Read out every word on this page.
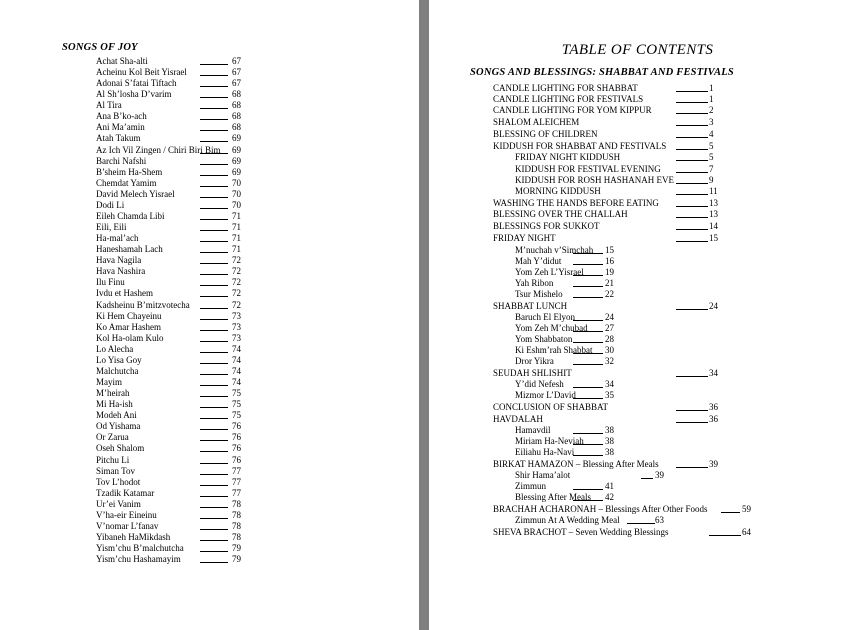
SONGS OF JOY
Achat Sha-alti	67
Acheinu Kol Beit Yisrael	67
Adonai S’fatai Tiftach	67
Al Sh’losha D’varim	68
Al Tira	68
Ana B’ko-ach	68
Ani Ma’amin	68
Atah Takum	69
Az Ich Vil Zingen / Chiri Biri Bim 69
Barchi Nafshi	69
B’sheim Ha-Shem	69
Chemdat Yamim	70
David Melech Yisrael	70
Dodi Li	70
Eileh Chamda Libi	71
Eili, Eili	71
Ha-mal’ach	71
Haneshamah Lach	71
Hava Nagila	72
Hava Nashira	72
Ilu Finu	72
Ivdu et Hashem	72
Kadsheinu B’mitzvotecha	72
Ki Hem Chayeinu	73
Ko Amar Hashem	73
Kol Ha-olam Kulo	73
Lo Alecha	74
Lo Yisa Goy	74
Malchutcha	74
Mayim	74
M’heirah	75
Mi Ha-ish	75
Modeh Ani	75
Od Yishama	76
Or Zarua	76
Oseh Shalom	76
Pitchu Li	76
Siman Tov	77
Tov L’hodot	77
Tzadik Katamar	77
Ur’ei Vanim	78
V’ha-eir Eineinu	78
V’nomar L’fanav	78
Yibaneh HaMikdash	78
Yism’chu B’malchutcha	79
Yism’chu Hashamayim	79
TABLE OF CONTENTS
SONGS AND BLESSINGS: SHABBAT AND FESTIVALS
CANDLE LIGHTING FOR SHABBAT	1
CANDLE LIGHTING FOR FESTIVALS	1
CANDLE LIGHTING FOR YOM KIPPUR	2
SHALOM ALEICHEM	3
BLESSING OF CHILDREN	4
KIDDUSH FOR SHABBAT AND FESTIVALS	5
FRIDAY NIGHT KIDDUSH	5
KIDDUSH FOR FESTIVAL EVENING	7
KIDDUSH FOR ROSH HASHANAH EVE	9
MORNING KIDDUSH	11
WASHING THE HANDS BEFORE EATING	13
BLESSING OVER THE CHALLAH	13
BLESSINGS FOR SUKKOT	14
FRIDAY NIGHT	15
M’nuchah v’Simchah 15
Mah Y’didut	16
Yom Zeh L’Yisrael 19
Yah Ribon	21
Tsur Mishelo	22
SHABBAT LUNCH	24
Baruch El Elyon	24
Yom Zeh M’chubad 27
Yom Shabbaton	28
Ki Eshm’rah Shabbat 30
Dror Yikra	32
SEUDAH SHLISHIT	34
Y’did Nefesh	34
Mizmor L’David	35
CONCLUSION OF SHABBAT	36
HAVDALAH	36
Hamavdil	38
Miriam Ha-Neviah 38
Eiliahu Ha-Navi	38
BIRKAT HAMAZON – Blessing After Meals	39
Shir Hama’alot	39
Zimmun	41
Blessing After Meals 42
BRACHAH ACHARONAH – Blessings After Other Foods	59
Zimmun At A Wedding Meal	63
SHEVA BRACHOT – Seven Wedding Blessings	64
